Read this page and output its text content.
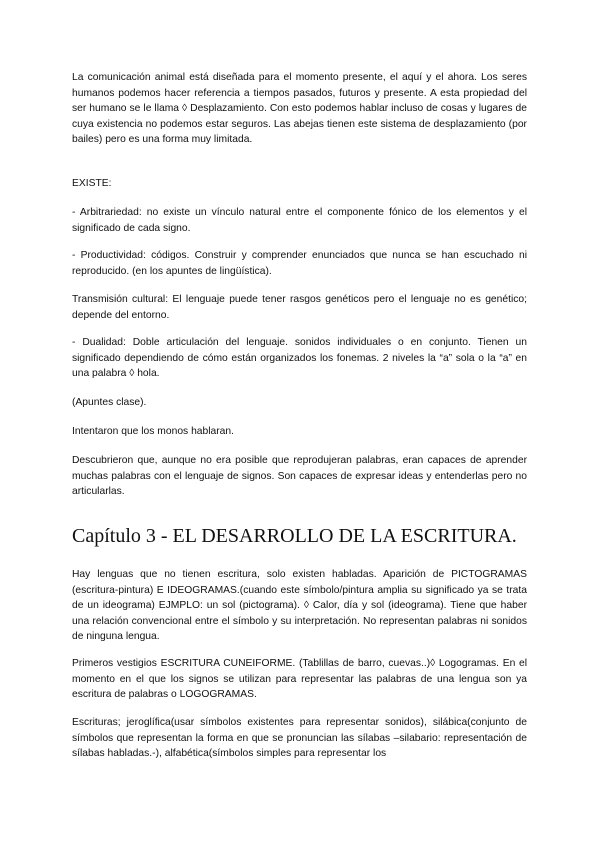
La comunicación animal está diseñada para el momento presente, el aquí y el ahora. Los seres humanos podemos hacer referencia a tiempos pasados, futuros y presente. A esta propiedad del ser humano se le llama ◊ Desplazamiento. Con esto podemos hablar incluso de cosas y lugares de cuya existencia no podemos estar seguros. Las abejas tienen este sistema de desplazamiento (por bailes) pero es una forma muy limitada.

EXISTE:

- Arbitrariedad: no existe un vínculo natural entre el componente fónico de los elementos y el significado de cada signo.

- Productividad: códigos. Construir y comprender enunciados que nunca se han escuchado ni reproducido. (en los apuntes de lingüística).

Transmisión cultural: El lenguaje puede tener rasgos genéticos pero el lenguaje no es genético; depende del entorno.

- Dualidad: Doble articulación del lenguaje. sonidos individuales o en conjunto. Tienen un significado dependiendo de cómo están organizados los fonemas. 2 niveles la “a” sola o la “a” en una palabra ◊ hola.

(Apuntes clase).

Intentaron que los monos hablaran.

Descubrieron que, aunque no era posible que reprodujeran palabras, eran capaces de aprender muchas palabras con el lenguaje de signos. Son capaces de expresar ideas y entenderlas pero no articularlas.

Capítulo 3 - EL DESARROLLO DE LA ESCRITURA.

Hay lenguas que no tienen escritura, solo existen habladas. Aparición de PICTOGRAMAS (escritura-pintura) E IDEOGRAMAS.(cuando este símbolo/pintura amplia su significado ya se trata de un ideograma) EJMPLO: un sol (pictograma). ◊ Calor, día y sol (ideograma). Tiene que haber una relación convencional entre el símbolo y su interpretación. No representan palabras ni sonidos de ninguna lengua.

Primeros vestigios ESCRITURA CUNEIFORME. (Tablillas de barro, cuevas..)◊ Logogramas. En el momento en el que los signos se utilizan para representar las palabras de una lengua son ya escritura de palabras o LOGOGRAMAS.

Escrituras; jeroglífica(usar símbolos existentes para representar sonidos), silábica(conjunto de símbolos que representan la forma en que se pronuncian las sílabas –silabario: representación de sílabas habladas.-), alfabética(símbolos simples para representar los
